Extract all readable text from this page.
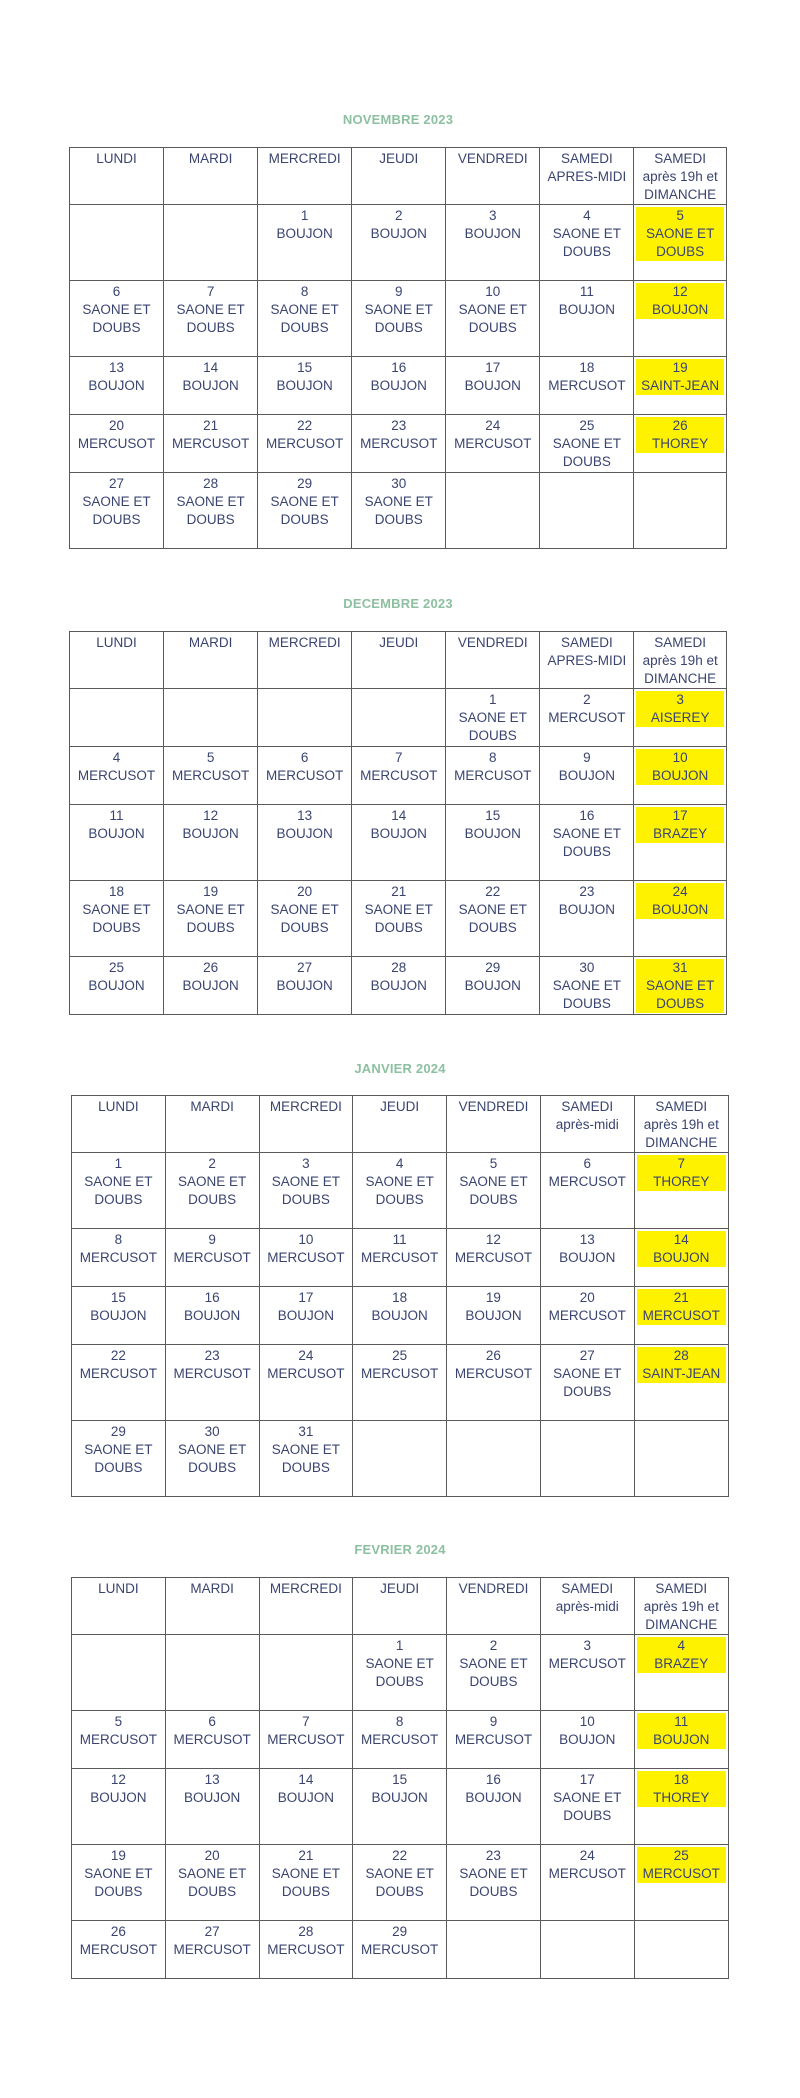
NOVEMBRE 2023
LUNDI	MARDI	MERCREDI	JEUDI	VENDREDI	SAMEDI
APRES-MIDI	SAMEDI
après 19h et
DIMANCHE

		1
BOUJON	2
BOUJON	3
BOUJON	4
SAONE ET
DOUBS	5
SAONE ET
DOUBS

6
SAONE ET
DOUBS	7
SAONE ET
DOUBS	8
SAONE ET
DOUBS	9
SAONE ET
DOUBS	10
SAONE ET
DOUBS	11
BOUJON	12
BOUJON

13
BOUJON	14
BOUJON	15
BOUJON	16
BOUJON	17
BOUJON	18
MERCUSOT	19
SAINT-JEAN

20
MERCUSOT	21
MERCUSOT	22
MERCUSOT	23
MERCUSOT	24
MERCUSOT	25
SAONE ET
DOUBS	26
THOREY

27
SAONE ET
DOUBS	28
SAONE ET
DOUBS	29
SAONE ET
DOUBS	30
SAONE ET
DOUBS			

DECEMBRE 2023
LUNDI	MARDI	MERCREDI	JEUDI	VENDREDI	SAMEDI
APRES-MIDI	SAMEDI
après 19h et
DIMANCHE

				1
SAONE ET
DOUBS	2
MERCUSOT	3
AISEREY

4
MERCUSOT	5
MERCUSOT	6
MERCUSOT	7
MERCUSOT	8
MERCUSOT	9
BOUJON	10
BOUJON

11
BOUJON	12
BOUJON	13
BOUJON	14
BOUJON	15
BOUJON	16
SAONE ET
DOUBS	17
BRAZEY

18
SAONE ET
DOUBS	19
SAONE ET
DOUBS	20
SAONE ET
DOUBS	21
SAONE ET
DOUBS	22
SAONE ET
DOUBS	23
BOUJON	24
BOUJON

25
BOUJON	26
BOUJON	27
BOUJON	28
BOUJON	29
BOUJON	30
SAONE ET
DOUBS	31
SAONE ET
DOUBS
JANVIER 2024
LUNDI	MARDI	MERCREDI	JEUDI	VENDREDI	SAMEDI
après-midi	SAMEDI
après 19h et
DIMANCHE

1
SAONE ET
DOUBS	2
SAONE ET
DOUBS	3
SAONE ET
DOUBS	4
SAONE ET
DOUBS	5
SAONE ET
DOUBS	6
MERCUSOT	7
THOREY

8
MERCUSOT	9
MERCUSOT	10
MERCUSOT	11
MERCUSOT	12
MERCUSOT	13
BOUJON	14
BOUJON

15
BOUJON	16
BOUJON	17
BOUJON	18
BOUJON	19
BOUJON	20
MERCUSOT	21
MERCUSOT

22
MERCUSOT	23
MERCUSOT	24
MERCUSOT	25
MERCUSOT	26
MERCUSOT	27
SAONE ET
DOUBS	28
SAINT-JEAN

29
SAONE ET
DOUBS	30
SAONE ET
DOUBS	31
SAONE ET
DOUBS				

FEVRIER 2024
LUNDI	MARDI	MERCREDI	JEUDI	VENDREDI	SAMEDI
après-midi	SAMEDI
après 19h et
DIMANCHE

			1
SAONE ET
DOUBS	2
SAONE ET
DOUBS	3
MERCUSOT	4
BRAZEY

5
MERCUSOT	6
MERCUSOT	7
MERCUSOT	8
MERCUSOT	9
MERCUSOT	10
BOUJON	11
BOUJON

12
BOUJON	13
BOUJON	14
BOUJON	15
BOUJON	16
BOUJON	17
SAONE ET
DOUBS	18
THOREY

19
SAONE ET
DOUBS	20
SAONE ET
DOUBS	21
SAONE ET
DOUBS	22
SAONE ET
DOUBS	23
SAONE ET
DOUBS	24
MERCUSOT	25
MERCUSOT

26
MERCUSOT	27
MERCUSOT	28
MERCUSOT	29
MERCUSOT			
